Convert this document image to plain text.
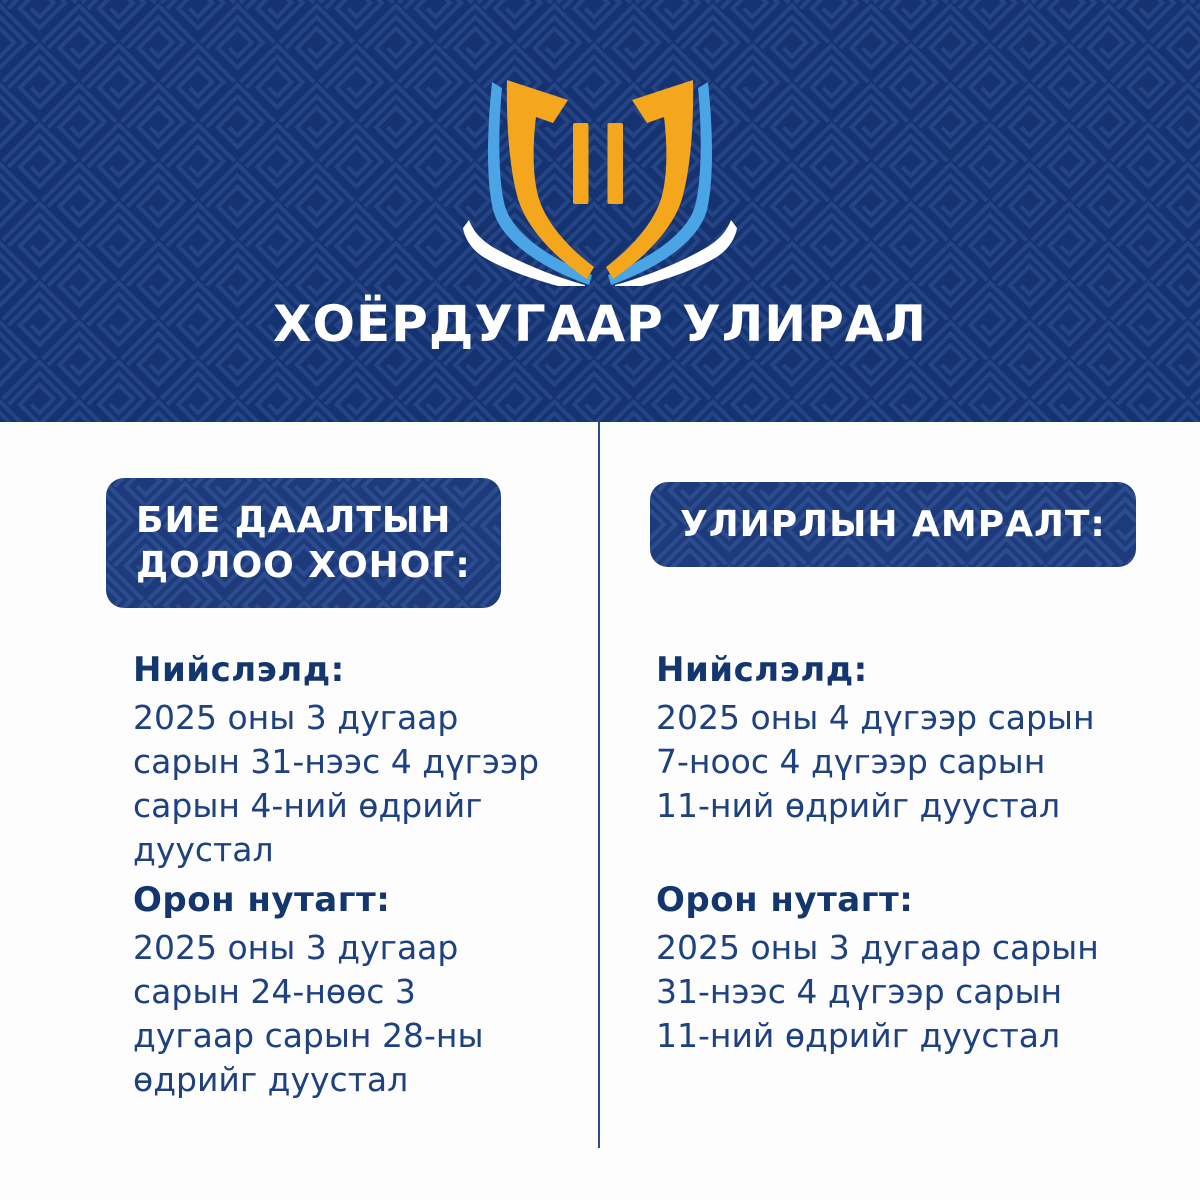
ХОЁРДУГААР УЛИРАЛ
БИЕ ДААЛТЫН
ДОЛОО ХОНОГ:
УЛИРЛЫН АМРАЛТ:
Нийслэлд:
2025 оны 3 дугаар
сарын 31-нээс 4 дүгээр
сарын 4-ний өдрийг
дуустал
Орон нутагт:
2025 оны 3 дугаар
сарын 24-нөөс 3
дугаар сарын 28-ны
өдрийг дуустал
Нийслэлд:
2025 оны 4 дүгээр сарын
7-ноос 4 дүгээр сарын
11-ний өдрийг дуустал
Орон нутагт:
2025 оны 3 дугаар сарын
31-нээс 4 дүгээр сарын
11-ний өдрийг дуустал
